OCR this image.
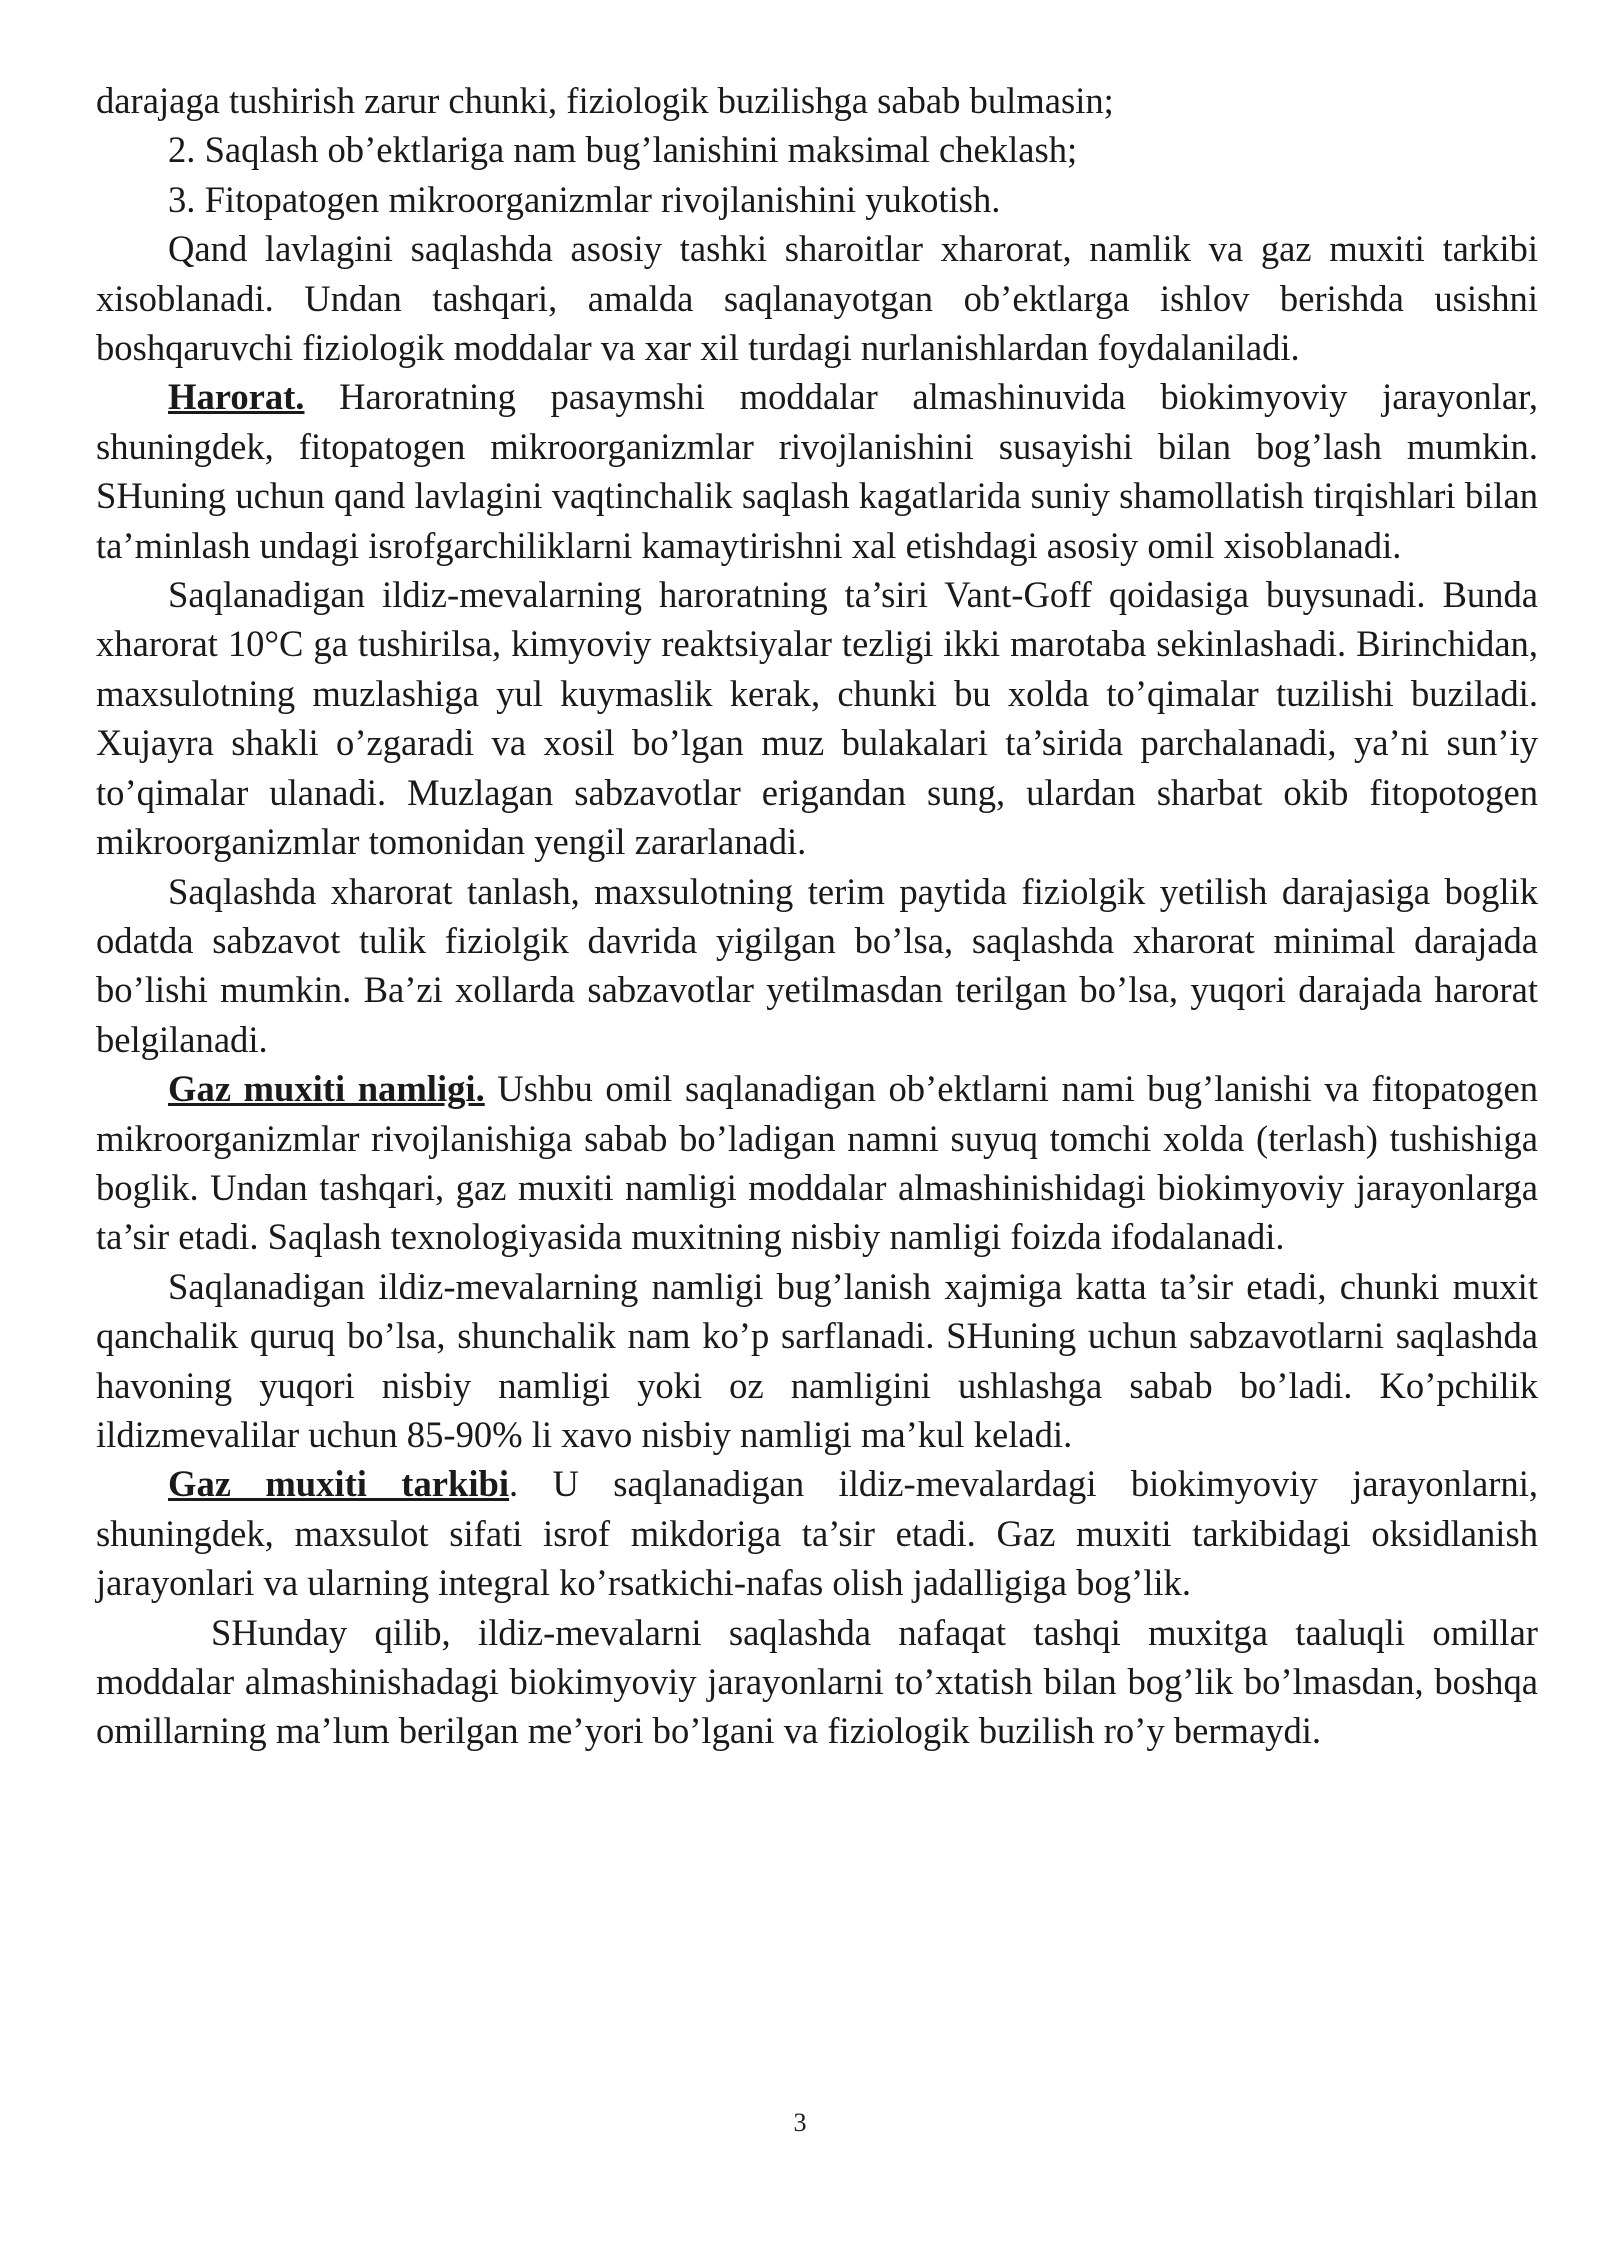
darajaga tushirish zarur chunki, fiziologik buzilishga sabab bulmasin;

2. Saqlash ob’ektlariga nam bug’lanishini maksimal cheklash;

3. Fitopatogen mikroorganizmlar rivojlanishini yukotish.

Qand lavlagini saqlashda asosiy tashki sharoitlar xharorat, namlik va gaz muxiti tarkibi xisoblanadi. Undan tashqari, amalda saqlanayotgan ob’ektlarga ishlov berishda usishni boshqaruvchi fiziologik moddalar va xar xil turdagi nurlanishlardan foydalaniladi.

Harorat. Haroratning pasaymshi moddalar almashinuvida biokimyoviy jarayonlar, shuningdek, fitopatogen mikroorganizmlar rivojlanishini susayishi bilan bog’lash mumkin. SHuning uchun qand lavlagini vaqtinchalik saqlash kagatlarida suniy shamollatish tirqishlari bilan ta’minlash undagi isrofgarchiliklarni kamaytirishni xal etishdagi asosiy omil xisoblanadi.

Saqlanadigan ildiz-mevalarning haroratning ta’siri Vant-Goff qoidasiga buysunadi. Bunda xharorat 10°C ga tushirilsa, kimyoviy reaktsiyalar tezligi ikki marotaba sekinlashadi. Birinchidan, maxsulotning muzlashiga yul kuymaslik kerak, chunki bu xolda to’qimalar tuzilishi buziladi. Xujayra shakli o’zgaradi va xosil bo’lgan muz bulakalari ta’sirida parchalanadi, ya’ni sun’iy to’qimalar ulanadi. Muzlagan sabzavotlar erigandan sung, ulardan sharbat okib fitopotogen mikroorganizmlar tomonidan yengil zararlanadi.

Saqlashda xharorat tanlash, maxsulotning terim paytida fiziolgik yetilish darajasiga boglik odatda sabzavot tulik fiziolgik davrida yigilgan bo’lsa, saqlashda xharorat minimal darajada bo’lishi mumkin. Ba’zi xollarda sabzavotlar yetilmasdan terilgan bo’lsa, yuqori darajada harorat belgilanadi.

Gaz muxiti namligi. Ushbu omil saqlanadigan ob’ektlarni nami bug’lanishi va fitopatogen mikroorganizmlar rivojlanishiga sabab bo’ladigan namni suyuq tomchi xolda (terlash) tushishiga boglik. Undan tashqari, gaz muxiti namligi moddalar almashinishidagi biokimyoviy jarayonlarga ta’sir etadi. Saqlash texnologiyasida muxitning nisbiy namligi foizda ifodalanadi.

Saqlanadigan ildiz-mevalarning namligi bug’lanish xajmiga katta ta’sir etadi, chunki muxit qanchalik quruq bo’lsa, shunchalik nam ko’p sarflanadi. SHuning uchun sabzavotlarni saqlashda havoning yuqori nisbiy namligi yoki oz namligini ushlashga sabab bo’ladi. Ko’pchilik ildizmevalilar uchun 85-90% li xavo nisbiy namligi ma’kul keladi.

Gaz muxiti tarkibi. U saqlanadigan ildiz-mevalardagi biokimyoviy jarayonlarni, shuningdek, maxsulot sifati isrof mikdoriga ta’sir etadi. Gaz muxiti tarkibidagi oksidlanish jarayonlari va ularning integral ko’rsatkichi-nafas olish jadalligiga bog’lik.

SHunday qilib, ildiz-mevalarni saqlashda nafaqat tashqi muxitga taaluqli omillar moddalar almashinishadagi biokimyoviy jarayonlarni to’xtatish bilan bog’lik bo’lmasdan, boshqa omillarning ma’lum berilgan me’yori bo’lgani va fiziologik buzilish ro’y bermaydi.

3
